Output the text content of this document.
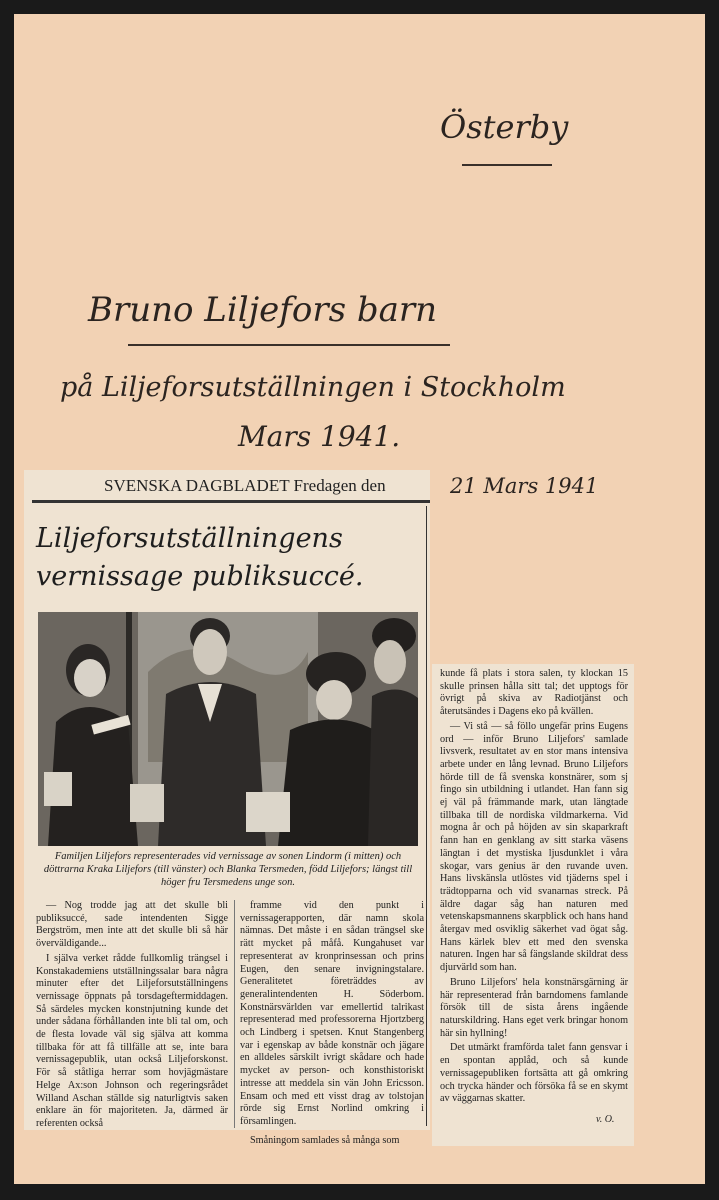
Österby
Bruno Liljefors barn
på Liljeforsutställningen i Stockholm
Mars 1941.
SVENSKA DAGBLADET Fredagen den	21 Mars 1941
Liljeforsutställningens
vernissage publiksuccé.
Familjen Liljefors representerades vid vernissage av sonen Lindorm (i mitten) och döttrarna Kraka Liljefors (till vänster) och Blanka Tersmeden, född Liljefors; längst till höger fru Tersmedens unge son.

— Nog trodde jag att det skulle bli publiksuccé, sade intendenten Sigge Bergström, men inte att det skulle bli så här överväldigande...

I själva verket rådde fullkomlig trängsel i Konstakademiens utställningssalar bara några minuter efter det Liljeforsutställningens vernissage öppnats på torsdageftermiddagen. Så särdeles mycken konstnjutning kunde det under sådana förhållanden inte bli tal om, och de flesta lovade väl sig själva att komma tillbaka för att få tillfälle att se, inte bara vernissagepublik, utan också Liljeforskonst. För så ståtliga herrar som hovjägmästare Helge Ax:son Johnson och regeringsrådet Willand Aschan ställde sig naturligtvis saken enklare än för majoriteten. Ja, därmed är referenten också

framme vid den punkt i vernissagerapporten, där namn skola nämnas. Det måste i en sådan trängsel ske rätt mycket på måfå. Kungahuset var representerat av kronprinsessan och prins Eugen, den senare invigningstalare. Generalitetet företräddes av generalintendenten H. Söderbom. Konstnärsvärlden var emellertid talrikast representerad med professorerna Hjortzberg och Lindberg i spetsen. Knut Stangenberg var i egenskap av både konstnär och jägare en alldeles särskilt ivrigt skådare och hade mycket av person- och konsthistoriskt intresse att meddela sin vän John Ericsson. Ensam och med ett visst drag av tolstojan rörde sig Ernst Norlind omkring i församlingen.

Småningom samlades så många som

kunde få plats i stora salen, ty klockan 15 skulle prinsen hålla sitt tal; det upptogs för övrigt på skiva av Radiotjänst och återutsändes i Dagens eko på kvällen.

— Vi stå — så föllo ungefär prins Eugens ord — inför Bruno Liljefors' samlade livsverk, resultatet av en stor mans intensiva arbete under en lång levnad. Bruno Liljefors hörde till de få svenska konstnärer, som sj fingo sin utbildning i utlandet. Han fann sig ej väl på främmande mark, utan längtade tillbaka till de nordiska vildmarkerna. Vid mogna år och på höjden av sin skaparkraft fann han en genklang av sitt starka väsens längtan i det mystiska ljusdunklet i våra skogar, vars genius är den ruvande uven. Hans livskänsla utlöstes vid tjäderns spel i trädtopparna och vid svanarnas streck. På äldre dagar såg han naturen med vetenskapsmannens skarpblick och hans hand återgav med osviklig säkerhet vad ögat såg. Hans kärlek blev ett med den svenska naturen. Ingen har så fängslande skildrat dess djurvärld som han.

Bruno Liljefors' hela konstnärsgärning är här representerad från barndomens famlande försök till de sista årens ingående naturskildring. Hans eget verk bringar honom här sin hyllning!

Det utmärkt framförda talet fann gensvar i en spontan applåd, och så kunde vernissagepubliken fortsätta att gå omkring och trycka händer och försöka få se en skymt av väggarnas skatter.

v. O.
